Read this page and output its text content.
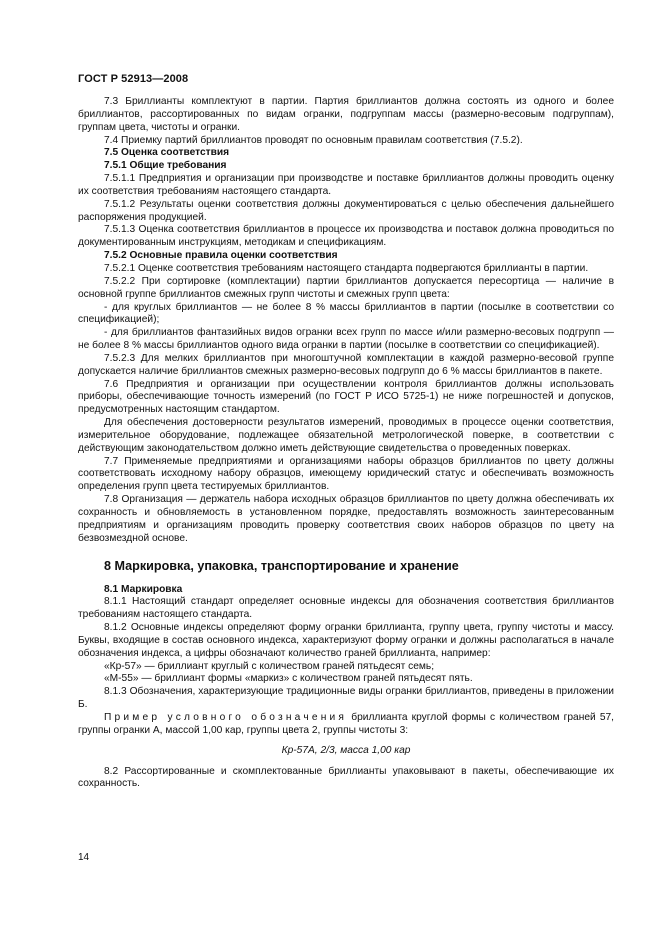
ГОСТ Р 52913—2008

7.3 Бриллианты комплектуют в партии. Партия бриллиантов должна состоять из одного и более бриллиантов, рассортированных по видам огранки, подгруппам массы (размерно-весовым подгруппам), группам цвета, чистоты и огранки.

7.4 Приемку партий бриллиантов проводят по основным правилам соответствия (7.5.2).

7.5 Оценка соответствия

7.5.1 Общие требования

7.5.1.1 Предприятия и организации при производстве и поставке бриллиантов должны проводить оценку их соответствия требованиям настоящего стандарта.

7.5.1.2 Результаты оценки соответствия должны документироваться с целью обеспечения дальнейшего распоряжения продукцией.

7.5.1.3 Оценка соответствия бриллиантов в процессе их производства и поставок должна проводиться по документированным инструкциям, методикам и спецификациям.

7.5.2 Основные правила оценки соответствия

7.5.2.1 Оценке соответствия требованиям настоящего стандарта подвергаются бриллианты в партии.

7.5.2.2 При сортировке (комплектации) партии бриллиантов допускается пересортица — наличие в основной группе бриллиантов смежных групп чистоты и смежных групп цвета:

- для круглых бриллиантов — не более 8 % массы бриллиантов в партии (посылке в соответствии со спецификацией);

- для бриллиантов фантазийных видов огранки всех групп по массе и/или размерно-весовых подгрупп — не более 8 % массы бриллиантов одного вида огранки в партии (посылке в соответствии со спецификацией).

7.5.2.3 Для мелких бриллиантов при многоштучной комплектации в каждой размерно-весовой группе допускается наличие бриллиантов смежных размерно-весовых подгрупп до 6 % массы бриллиантов в пакете.

7.6 Предприятия и организации при осуществлении контроля бриллиантов должны использовать приборы, обеспечивающие точность измерений (по ГОСТ Р ИСО 5725-1) не ниже погрешностей и допусков, предусмотренных настоящим стандартом.

Для обеспечения достоверности результатов измерений, проводимых в процессе оценки соответствия, измерительное оборудование, подлежащее обязательной метрологической поверке, в соответствии с действующим законодательством должно иметь действующие свидетельства о проведенных поверках.

7.7 Применяемые предприятиями и организациями наборы образцов бриллиантов по цвету должны соответствовать исходному набору образцов, имеющему юридический статус и обеспечивать возможность определения групп цвета тестируемых бриллиантов.

7.8 Организация — держатель набора исходных образцов бриллиантов по цвету должна обеспечивать их сохранность и обновляемость в установленном порядке, предоставлять возможность заинтересованным предприятиям и организациям проводить проверку соответствия своих наборов образцов по цвету на безвозмездной основе.

8 Маркировка, упаковка, транспортирование и хранение

8.1 Маркировка

8.1.1 Настоящий стандарт определяет основные индексы для обозначения соответствия бриллиантов требованиям настоящего стандарта.

8.1.2 Основные индексы определяют форму огранки бриллианта, группу цвета, группу чистоты и массу. Буквы, входящие в состав основного индекса, характеризуют форму огранки и должны располагаться в начале обозначения индекса, а цифры обозначают количество граней бриллианта, например:

«Кр-57» — бриллиант круглый с количеством граней пятьдесят семь;

«М-55» — бриллиант формы «маркиз» с количеством граней пятьдесят пять.

8.1.3 Обозначения, характеризующие традиционные виды огранки бриллиантов, приведены в приложении Б.

Пример условного обозначения бриллианта круглой формы с количеством граней 57, группы огранки А, массой 1,00 кар, группы цвета 2, группы чистоты 3:

Кр-57А, 2/3, масса 1,00 кар

8.2 Рассортированные и скомплектованные бриллианты упаковывают в пакеты, обеспечивающие их сохранность.

14
